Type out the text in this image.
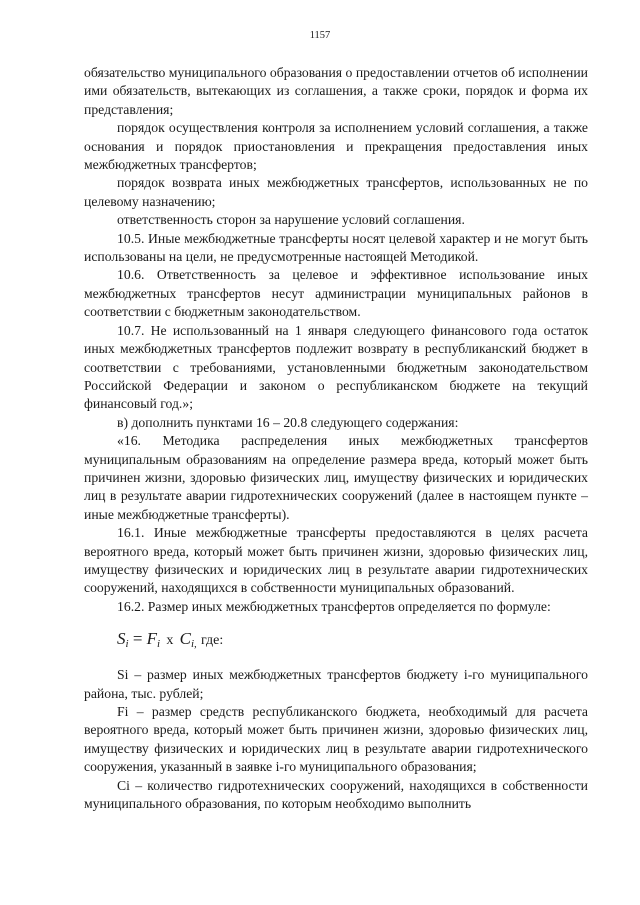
1157

обязательство муниципального образования о предоставлении отчетов об исполнении ими обязательств, вытекающих из соглашения, а также сроки, порядок и форма их представления;

порядок осуществления контроля за исполнением условий соглашения, а также основания и порядок приостановления и прекращения предоставления иных межбюджетных трансфертов;

порядок возврата иных межбюджетных трансфертов, использованных не по целевому назначению;

ответственность сторон за нарушение условий соглашения.

10.5. Иные межбюджетные трансферты носят целевой характер и не могут быть использованы на цели, не предусмотренные настоящей Методикой.

10.6. Ответственность за целевое и эффективное использование иных межбюджетных трансфертов несут администрации муниципальных районов в соответствии с бюджетным законодательством.

10.7. Не использованный на 1 января следующего финансового года остаток иных межбюджетных трансфертов подлежит возврату в республиканский бюджет в соответствии с требованиями, установленными бюджетным законодательством Российской Федерации и законом о республиканском бюджете на текущий финансовый год.»;

в) дополнить пунктами 16 – 20.8 следующего содержания:

«16. Методика распределения иных межбюджетных трансфертов муниципальным образованиям на определение размера вреда, который может быть причинен жизни, здоровью физических лиц, имуществу физических и юридических лиц в результате аварии гидротехнических сооружений (далее в настоящем пункте – иные межбюджетные трансферты).

16.1. Иные межбюджетные трансферты предоставляются в целях расчета вероятного вреда, который может быть причинен жизни, здоровью физических лиц, имуществу физических и юридических лиц в результате аварии гидротехнических сооружений, находящихся в собственности муниципальных образований.

16.2. Размер иных межбюджетных трансфертов определяется по формуле:

$S_i = F_i$ x $C_{i,}$ где:

Si – размер иных межбюджетных трансфертов бюджету i-го муниципального района, тыс. рублей;

Fi – размер средств республиканского бюджета, необходимый для расчета вероятного вреда, который может быть причинен жизни, здоровью физических лиц, имуществу физических и юридических лиц в результате аварии гидротехнического сооружения, указанный в заявке i-го муниципального образования;

Ci – количество гидротехнических сооружений, находящихся в собственности муниципального образования, по которым необходимо выполнить
